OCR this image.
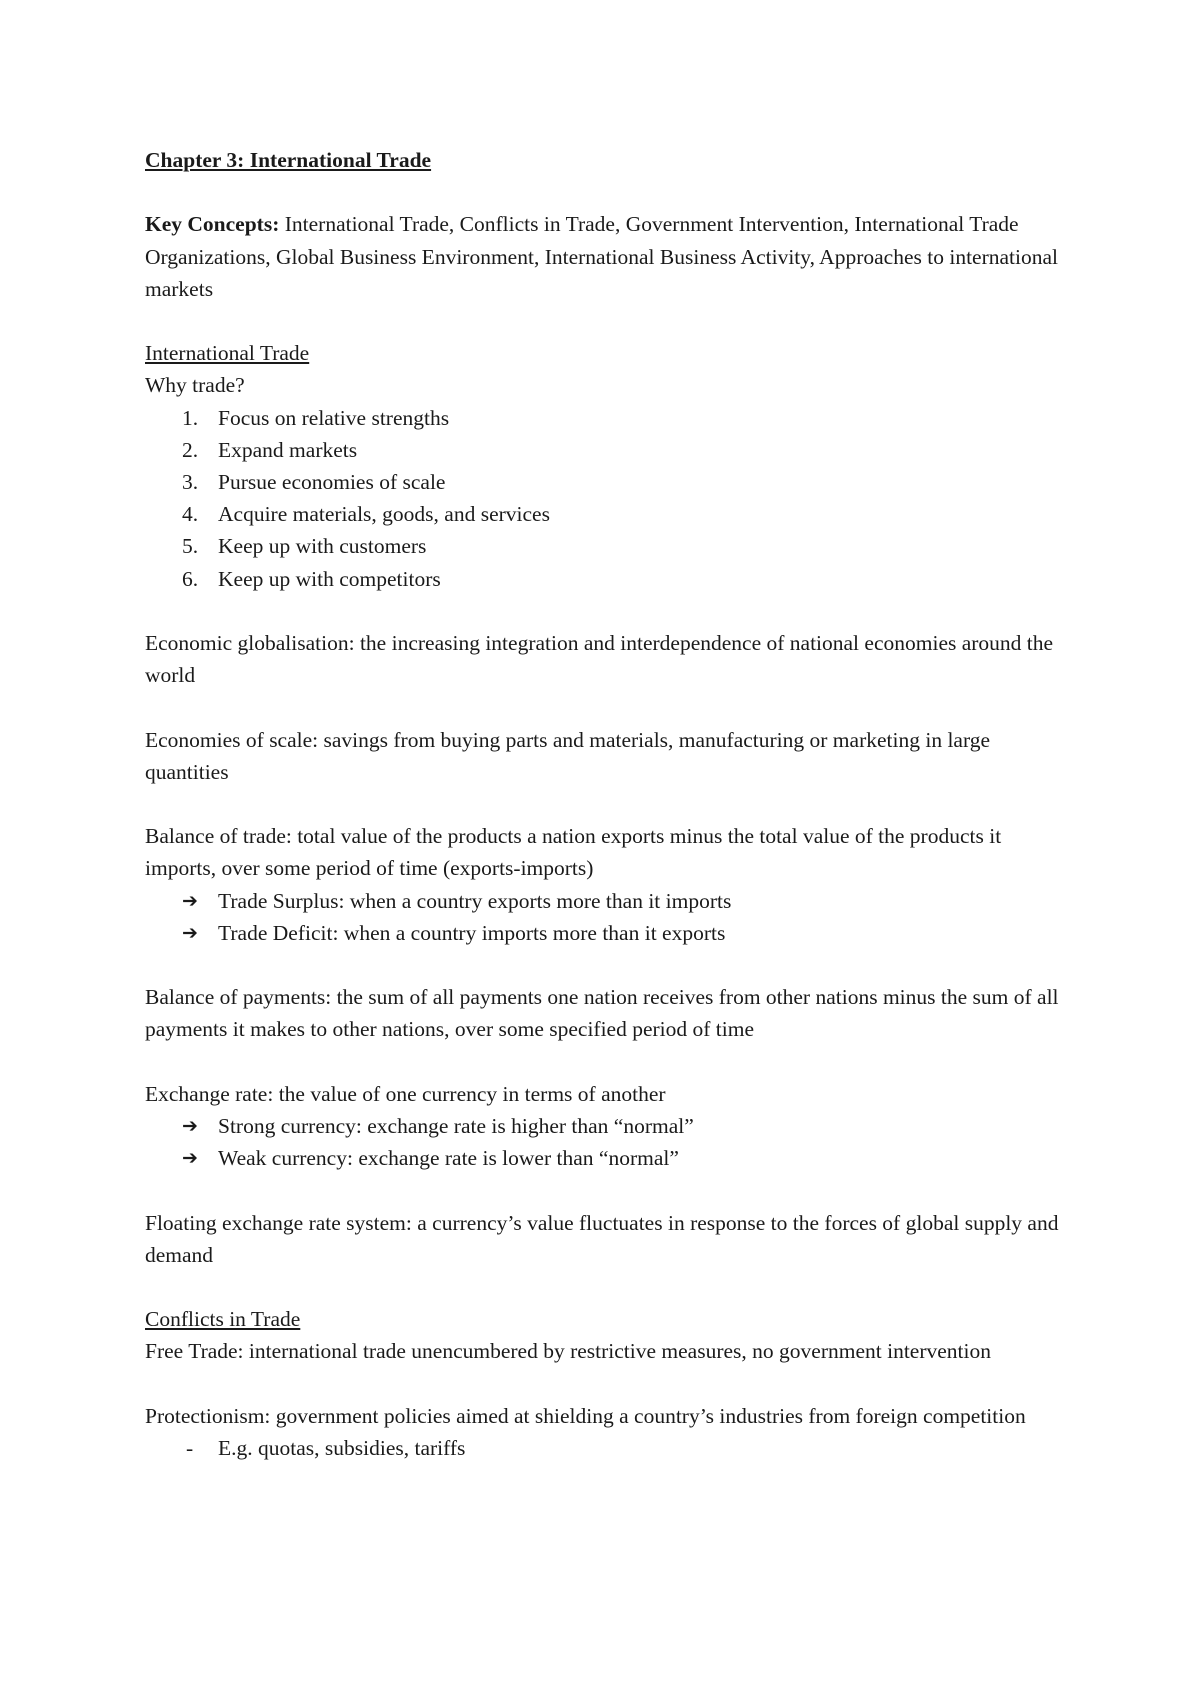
Chapter 3: International Trade

Key Concepts: International Trade, Conflicts in Trade, Government Intervention, International Trade Organizations, Global Business Environment, International Business Activity, Approaches to international markets

International Trade

Why trade?

1. Focus on relative strengths
2. Expand markets
3. Pursue economies of scale
4. Acquire materials, goods, and services
5. Keep up with customers
6. Keep up with competitors

Economic globalisation: the increasing integration and interdependence of national economies around the world

Economies of scale: savings from buying parts and materials, manufacturing or marketing in large quantities

Balance of trade: total value of the products a nation exports minus the total value of the products it imports, over some period of time (exports-imports)

➔ Trade Surplus: when a country exports more than it imports
➔ Trade Deficit: when a country imports more than it exports

Balance of payments: the sum of all payments one nation receives from other nations minus the sum of all payments it makes to other nations, over some specified period of time

Exchange rate: the value of one currency in terms of another

➔ Strong currency: exchange rate is higher than “normal”
➔ Weak currency: exchange rate is lower than “normal”

Floating exchange rate system: a currency’s value fluctuates in response to the forces of global supply and demand

Conflicts in Trade

Free Trade: international trade unencumbered by restrictive measures, no government intervention

Protectionism: government policies aimed at shielding a country’s industries from foreign competition

- E.g. quotas, subsidies, tariffs
